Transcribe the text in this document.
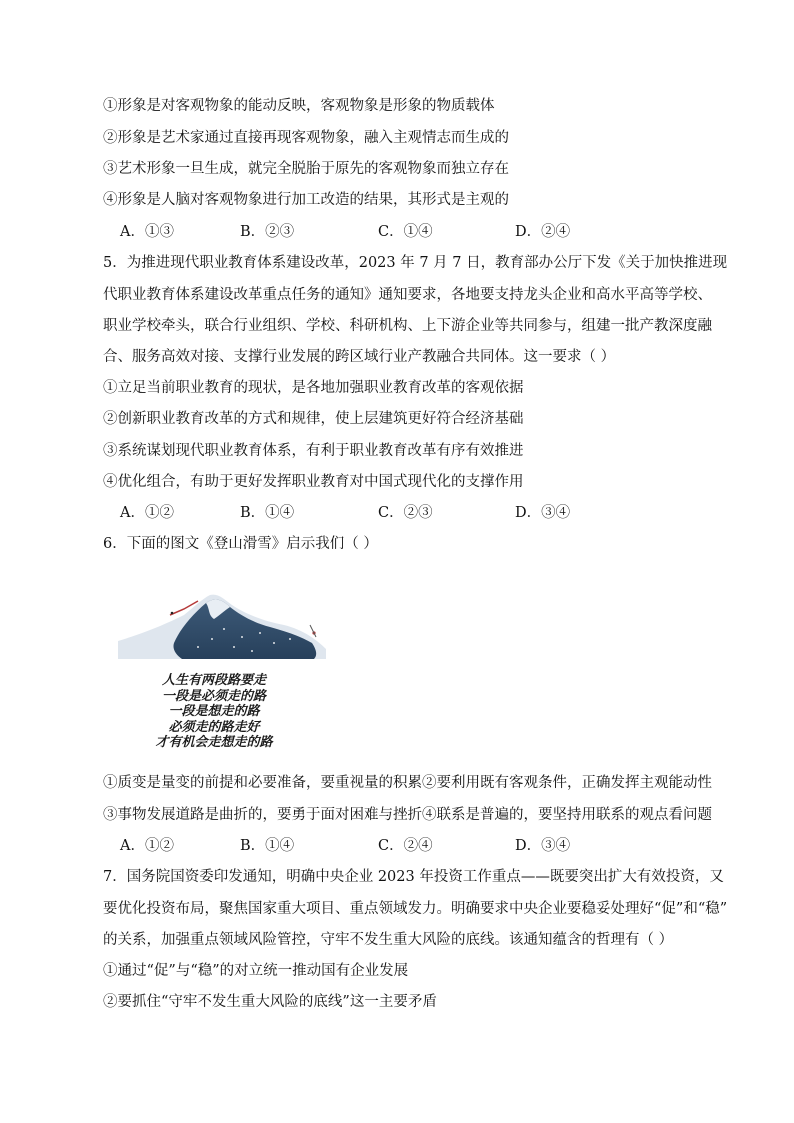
①形象是对客观物象的能动反映，客观物象是形象的物质载体
②形象是艺术家通过直接再现客观物象，融入主观情志而生成的
③艺术形象一旦生成，就完全脱胎于原先的客观物象而独立存在
④形象是人脑对客观物象进行加工改造的结果，其形式是主观的
A．①③	B．②③	C．①④	D．②④
5．为推进现代职业教育体系建设改革，2023 年 7 月 7 日，教育部办公厅下发《关于加快推进现
代职业教育体系建设改革重点任务的通知》通知要求，各地要支持龙头企业和高水平高等学校、
职业学校牵头，联合行业组织、学校、科研机构、上下游企业等共同参与，组建一批产教深度融
合、服务高效对接、支撑行业发展的跨区域行业产教融合共同体。这一要求（ ）
①立足当前职业教育的现状，是各地加强职业教育改革的客观依据
②创新职业教育改革的方式和规律，使上层建筑更好符合经济基础
③系统谋划现代职业教育体系，有利于职业教育改革有序有效推进
④优化组合，有助于更好发挥职业教育对中国式现代化的支撑作用
A．①②	B．①④	C．②③	D．③④
6．下面的图文《登山滑雪》启示我们（ ）
人生有两段路要走
一段是必须走的路
一段是想走的路
必须走的路走好
才有机会走想走的路
①质变是量变的前提和必要准备，要重视量的积累②要利用既有客观条件，正确发挥主观能动性
③事物发展道路是曲折的，要勇于面对困难与挫折④联系是普遍的，要坚持用联系的观点看问题
A．①②	B．①④	C．②④	D．③④
7．国务院国资委印发通知，明确中央企业 2023 年投资工作重点——既要突出扩大有效投资，又
要优化投资布局，聚焦国家重大项目、重点领域发力。明确要求中央企业要稳妥处理好“促”和“稳”
的关系，加强重点领域风险管控，守牢不发生重大风险的底线。该通知蕴含的哲理有（ ）
①通过“促”与“稳”的对立统一推动国有企业发展
②要抓住“守牢不发生重大风险的底线”这一主要矛盾
